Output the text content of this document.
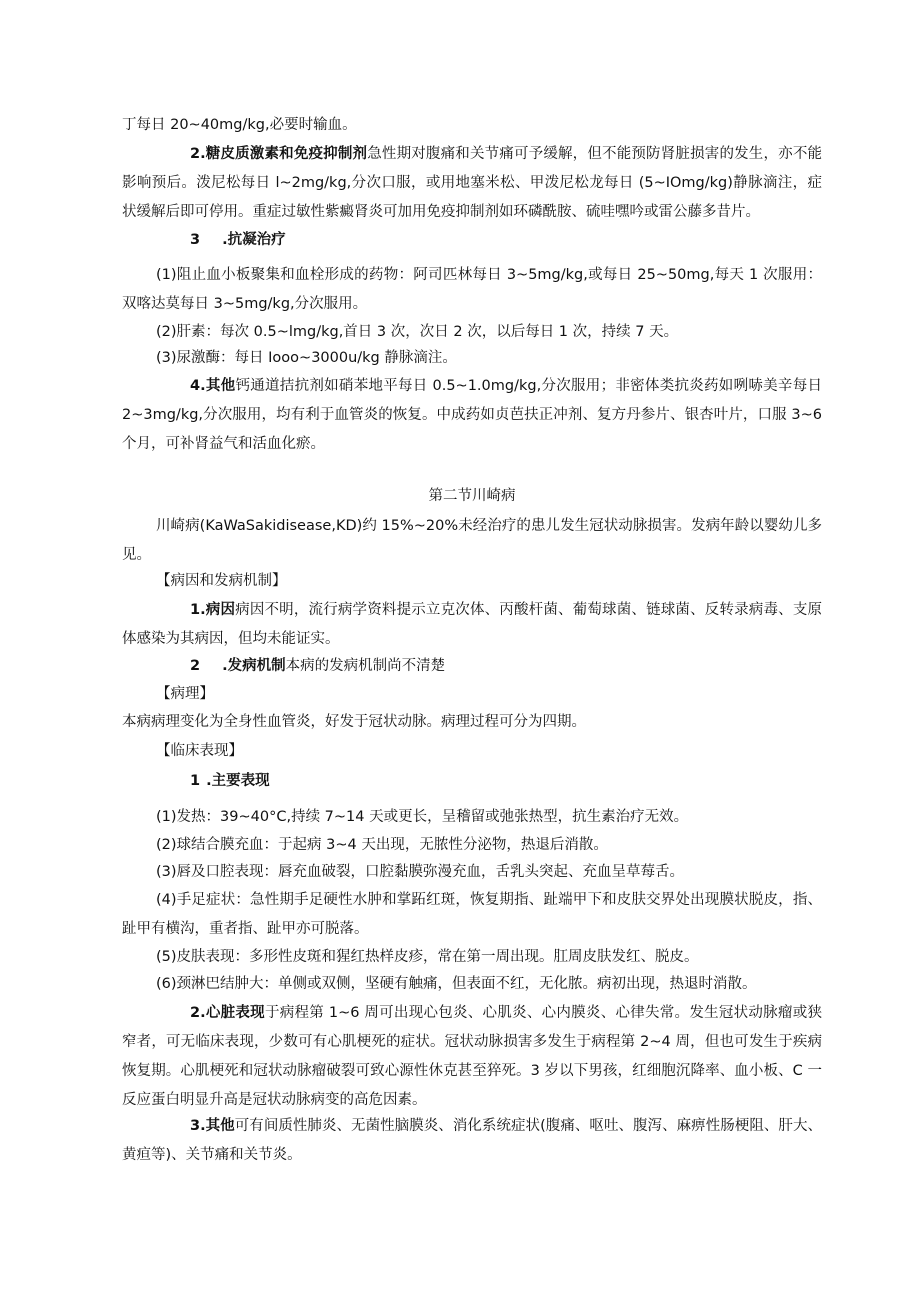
丁每日 20~40mg∕kg,必要时输血。

2.糖皮质激素和免疫抑制剂急性期对腹痛和关节痛可予缓解，但不能预防肾脏损害的发生，亦不能影响预后。泼尼松每日 l~2mg∕kg,分次口服，或用地塞米松、甲泼尼松龙每日 (5~IOmg∕kg)静脉滴注，症状缓解后即可停用。重症过敏性紫癜肾炎可加用免疫抑制剂如环磷酰胺、硫哇嘿吟或雷公藤多昔片。

3 .抗凝治疗

(1)阻止血小板聚集和血栓形成的药物：阿司匹林每日 3~5mg∕kg,或每日 25~50mg,每天 1 次服用：双喀达莫每日 3~5mg∕kg,分次服用。

(2)肝素：每次 0.5~lmg∕kg,首日 3 次，次日 2 次，以后每日 1 次，持续 7 天。

(3)尿激酶：每日 Iooo~3000u∕kg 静脉滴注。

4.其他钙通道拮抗剂如硝苯地平每日 0.5~1.0mg∕kg,分次服用；非密体类抗炎药如咧哧美辛每日 2~3mg∕kg,分次服用，均有利于血管炎的恢复。中成药如贞芭扶正冲剂、复方丹参片、银杏叶片，口服 3~6 个月，可补肾益气和活血化瘀。

第二节川崎病

川崎病(KaWaSakidisease,KD)约 15%~20%未经治疗的患儿发生冠状动脉损害。发病年龄以婴幼儿多见。

【病因和发病机制】

1.病因病因不明，流行病学资料提示立克次体、丙酸杆菌、葡萄球菌、链球菌、反转录病毒、支原体感染为其病因，但均未能证实。

2 .发病机制本病的发病机制尚不清楚

【病理】

本病病理变化为全身性血管炎，好发于冠状动脉。病理过程可分为四期。

【临床表现】

1 .主要表现

(1)发热：39~40°C,持续 7~14 天或更长，呈稽留或弛张热型，抗生素治疗无效。

(2)球结合膜充血：于起病 3~4 天出现，无脓性分泌物，热退后消散。

(3)唇及口腔表现：唇充血破裂，口腔黏膜弥漫充血，舌乳头突起、充血呈草莓舌。

(4)手足症状：急性期手足硬性水肿和掌跖红斑，恢复期指、趾端甲下和皮肤交界处出现膜状脱皮，指、趾甲有横沟，重者指、趾甲亦可脱落。

(5)皮肤表现：多形性皮斑和猩红热样皮疹，常在第一周出现。肛周皮肤发红、脱皮。

(6)颈淋巴结肿大：单侧或双侧，坚硬有触痛，但表面不红，无化脓。病初出现，热退时消散。

2.心脏表现于病程第 1~6 周可出现心包炎、心肌炎、心内膜炎、心律失常。发生冠状动脉瘤或狭窄者，可无临床表现，少数可有心肌梗死的症状。冠状动脉损害多发生于病程第 2~4 周，但也可发生于疾病恢复期。心肌梗死和冠状动脉瘤破裂可致心源性休克甚至猝死。3 岁以下男孩，红细胞沉降率、血小板、C 一反应蛋白明显升高是冠状动脉病变的高危因素。

3.其他可有间质性肺炎、无菌性脑膜炎、消化系统症状(腹痛、呕吐、腹泻、麻痹性肠梗阻、肝大、黄疸等)、关节痛和关节炎。
